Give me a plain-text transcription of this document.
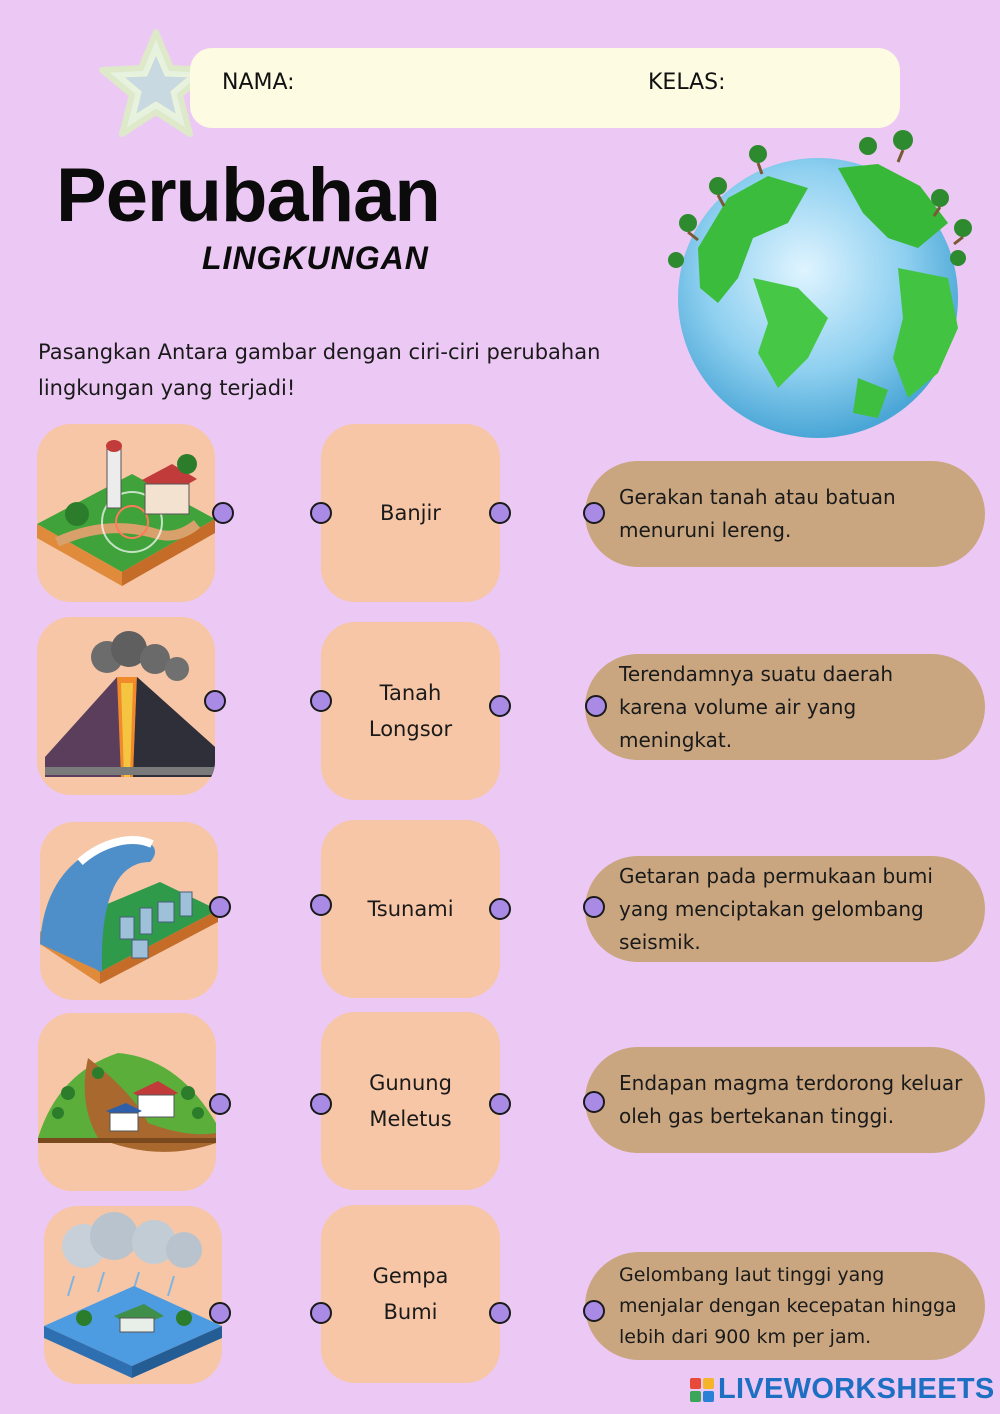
NAMA:	KELAS:
Perubahan
LINGKUNGAN
Pasangkan Antara gambar dengan ciri-ciri perubahan lingkungan yang terjadi!
Banjir
Tanah
Longsor
Tsunami
Gunung
Meletus
Gempa
Bumi
Gerakan tanah atau batuan menuruni lereng.
Terendamnya suatu daerah karena volume air yang meningkat.
Getaran pada permukaan bumi yang menciptakan gelombang seismik.
Endapan magma terdorong keluar oleh gas bertekanan tinggi.
Gelombang laut tinggi yang menjalar dengan kecepatan hingga lebih dari 900 km per jam.
LIVEWORKSHEETS
